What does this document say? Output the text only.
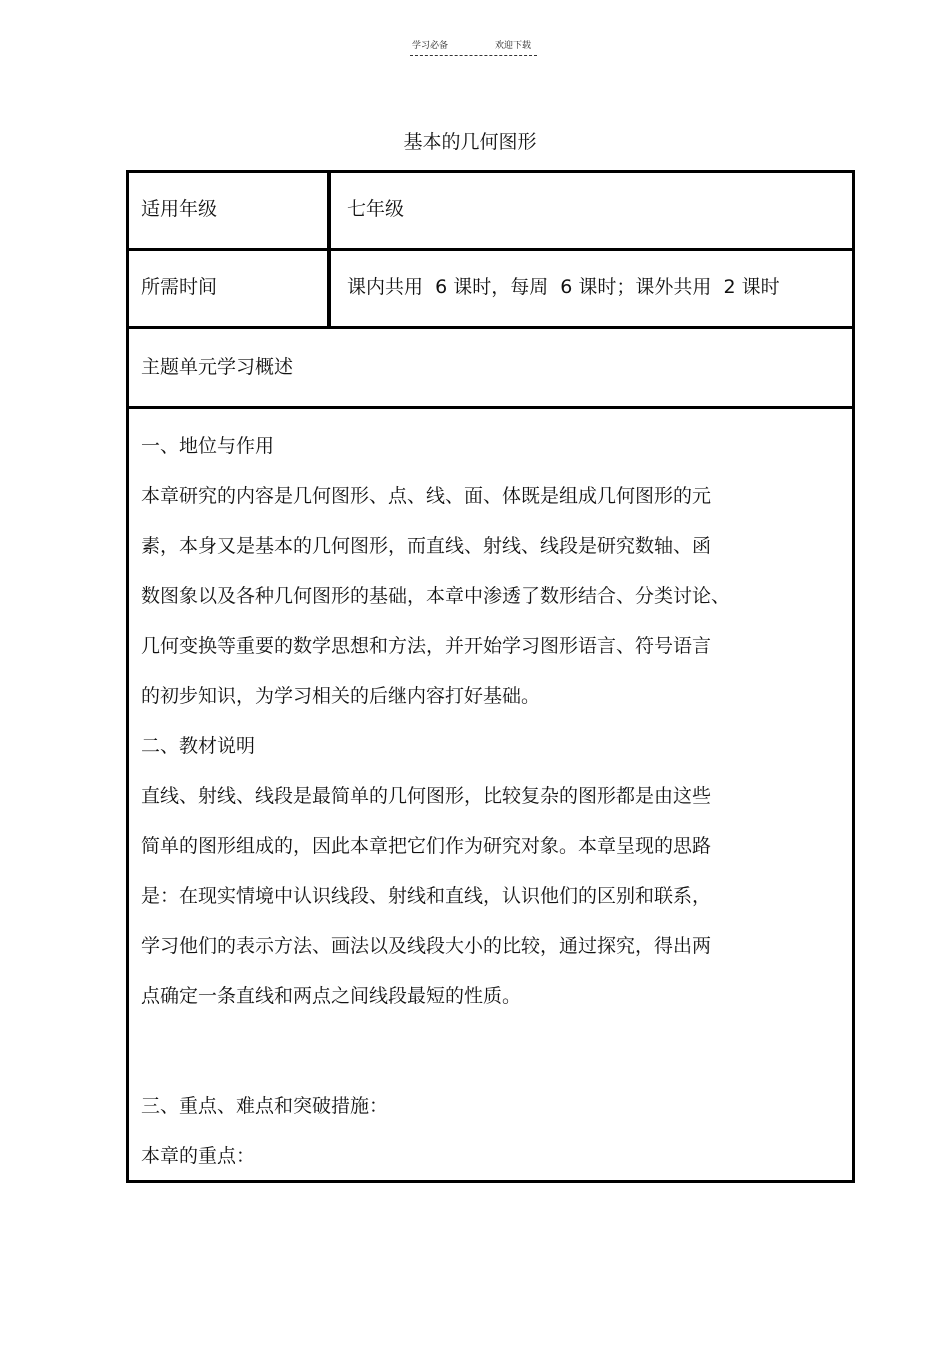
学习必备	欢迎下载
基本的几何图形
适用年级	七年级
所需时间	课内共用  6 课时，每周  6 课时；课外共用  2 课时
主题单元学习概述
一、地位与作用
本章研究的内容是几何图形、点、线、面、体既是组成几何图形的元
素，本身又是基本的几何图形，而直线、射线、线段是研究数轴、函
数图象以及各种几何图形的基础，本章中渗透了数形结合、分类讨论、
几何变换等重要的数学思想和方法，并开始学习图形语言、符号语言
的初步知识，为学习相关的后继内容打好基础。
二、教材说明
直线、射线、线段是最简单的几何图形，比较复杂的图形都是由这些
简单的图形组成的，因此本章把它们作为研究对象。本章呈现的思路
是：在现实情境中认识线段、射线和直线，认识他们的区别和联系，
学习他们的表示方法、画法以及线段大小的比较，通过探究，得出两
点确定一条直线和两点之间线段最短的性质。
三、重点、难点和突破措施：
本章的重点：
